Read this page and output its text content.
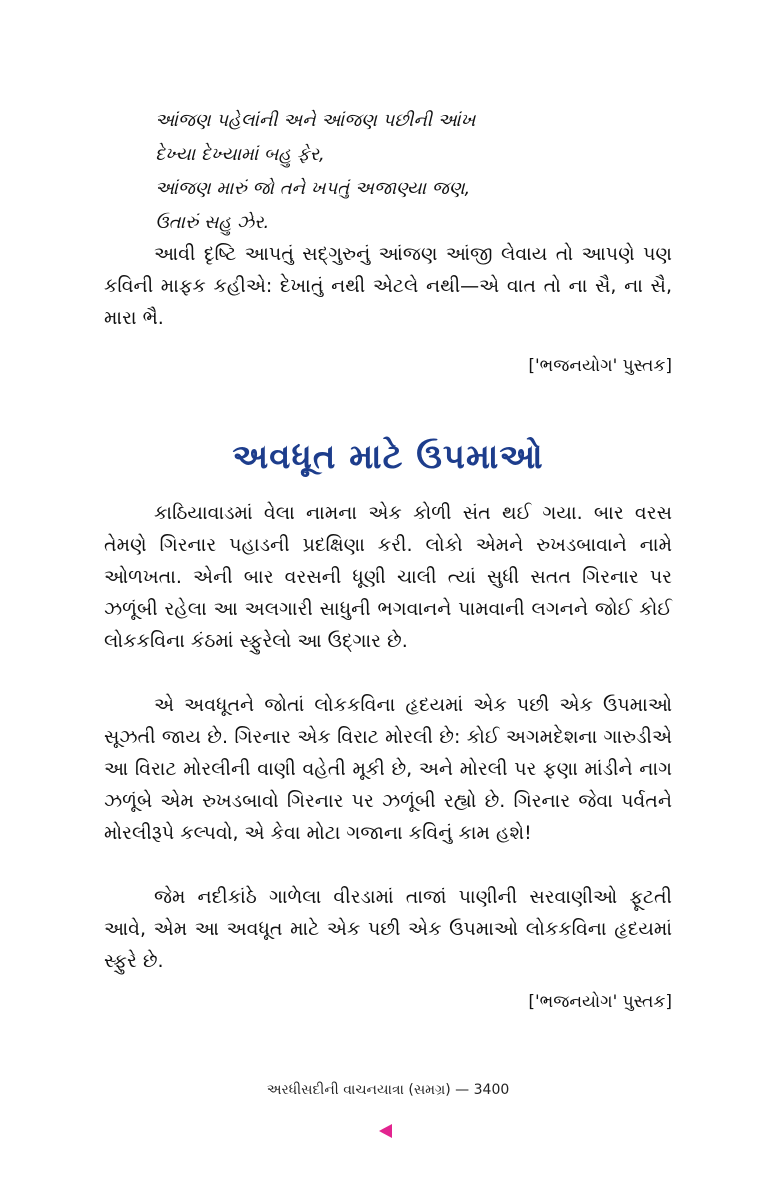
આંજણ પહેલાંની અને આંજણ પછીની આંખ
દેખ્યા દેખ્યામાં બહુ ફેર,
આંજણ મારું જો તને ખપતું અજાણ્યા જણ,
ઉતારું સહુ ઝેર.

આવી દૃષ્ટિ આપતું સદ્‌ગુરુનું આંજણ આંજી લેવાય તો આપણે પણ કવિની માફક કહીએ: દેખાતું નથી એટલે નથી—એ વાત તો ના સૈ, ના સૈ, મારા ભૈ.

['ભજનયોગ' પુસ્તક]
અવધૂત માટે ઉપમાઓ

કાઠિયાવાડમાં વેલા નામના એક કોળી સંત થઈ ગયા. બાર વરસ તેમણે ગિરનાર પહાડની પ્રદક્ષિણા કરી. લોકો એમને રુખડબાવાને નામે ઓળખતા. એની બાર વરસની ધૂણી ચાલી ત્યાં સુધી સતત ગિરનાર પર ઝળૂંબી રહેલા આ અલગારી સાધુની ભગવાનને પામવાની લગનને જોઈ કોઈ લોકકવિના કંઠમાં સ્ફુરેલો આ ઉદ્‌ગાર છે.

એ અવધૂતને જોતાં લોકકવિના હૃદયમાં એક પછી એક ઉપમાઓ સૂઝતી જાય છે. ગિરનાર એક વિરાટ મોરલી છે: કોઈ અગમદેશના ગારુડીએ આ વિરાટ મોરલીની વાણી વહેતી મૂકી છે, અને મોરલી પર ફણા માંડીને નાગ ઝળૂંબે એમ રુખડબાવો ગિરનાર પર ઝળૂંબી રહ્યો છે. ગિરનાર જેવા પર્વતને મોરલીરૂપે કલ્પવો, એ કેવા મોટા ગજાના કવિનું કામ હશે!

જેમ નદીકાંઠે ગાળેલા વીરડામાં તાજાં પાણીની સરવાણીઓ ફૂટતી આવે, એમ આ અવધૂત માટે એક પછી એક ઉપમાઓ લોકકવિના હૃદયમાં સ્ફુરે છે.

['ભજનયોગ' પુસ્તક]
અરધીસદીની વાચનયાત્રા (સમગ્ર) — 3400
